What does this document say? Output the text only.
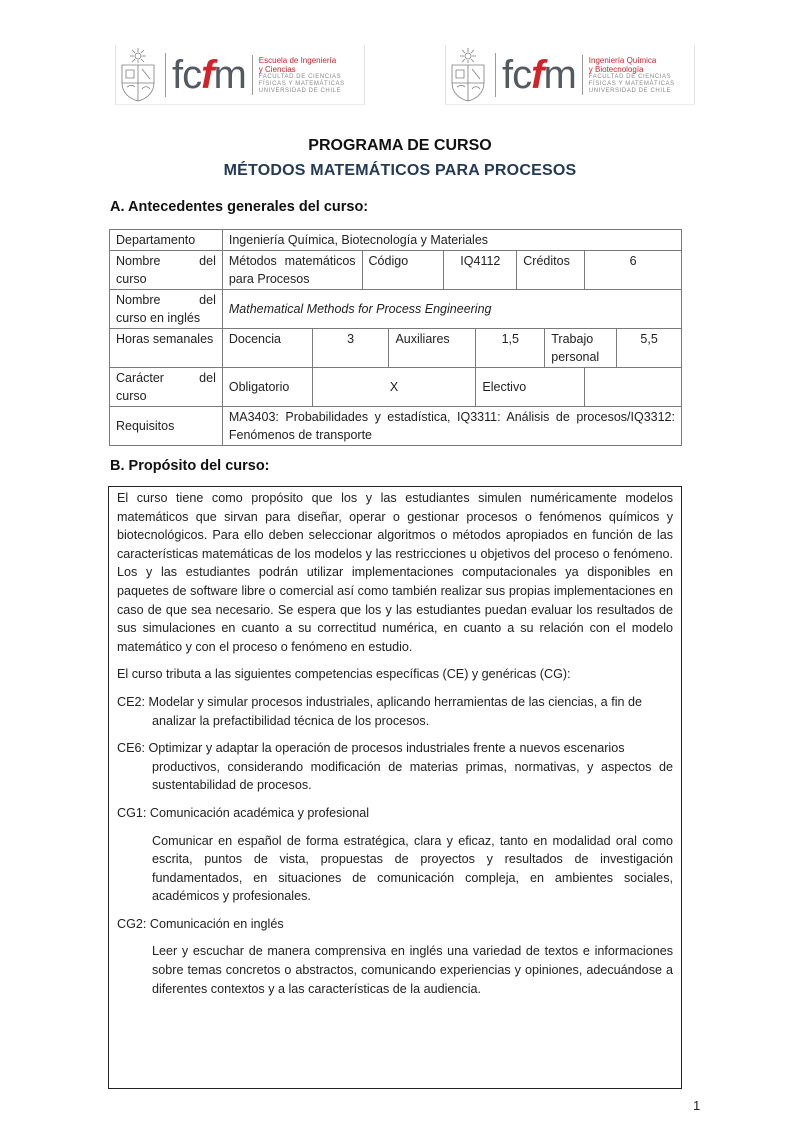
fc f m Escuela de Ingeniería
y Ciencias
FACULTAD DE CIENCIAS
FÍSICAS Y MATEMÁTICAS
UNIVERSIDAD DE CHILE	fc f m Ingeniería Química
y Biotecnología
FACULTAD DE CIENCIAS
FÍSICAS Y MATEMÁTICAS
UNIVERSIDAD DE CHILE
PROGRAMA DE CURSO
MÉTODOS MATEMÁTICOS PARA PROCESOS
A. Antecedentes generales del curso:
Departamento	Ingeniería Química, Biotecnología y Materiales									

Nombre del
curso	Métodos matemáticos para Procesos		Código		IQ4112		Créditos		6	

Nombre del
curso en inglés	Mathematical Methods for Process Engineering									
Horas semanales	Docencia	3		Auxiliares		1,5		Trabajo personal		5,5

Carácter del
curso	Obligatorio	X				Electivo				
Requisitos	MA3403: Probabilidades y estadística, IQ3311: Análisis de procesos/IQ3312: Fenómenos de transporte									
B. Propósito del curso:

El curso tiene como propósito que los y las estudiantes simulen numéricamente modelos matemáticos que sirvan para diseñar, operar o gestionar procesos o fenómenos químicos y biotecnológicos. Para ello deben seleccionar algoritmos o métodos apropiados en función de las características matemáticas de los modelos y las restricciones u objetivos del proceso o fenómeno. Los y las estudiantes podrán utilizar implementaciones computacionales ya disponibles en paquetes de software libre o comercial así como también realizar sus propias implementaciones en caso de que sea necesario. Se espera que los y las estudiantes puedan evaluar los resultados de sus simulaciones en cuanto a su correctitud numérica, en cuanto a su relación con el modelo matemático y con el proceso o fenómeno en estudio.

El curso tributa a las siguientes competencias específicas (CE) y genéricas (CG):

CE2: Modelar y simular procesos industriales, aplicando herramientas de las ciencias, a fin de
analizar la prefactibilidad técnica de los procesos.
CE6: Optimizar y adaptar la operación de procesos industriales frente a nuevos escenarios
productivos, considerando modificación de materias primas, normativas, y aspectos de sustentabilidad de procesos.
CG1: Comunicación académica y profesional
Comunicar en español de forma estratégica, clara y eficaz, tanto en modalidad oral como escrita, puntos de vista, propuestas de proyectos y resultados de investigación fundamentados, en situaciones de comunicación compleja, en ambientes sociales, académicos y profesionales.
CG2: Comunicación en inglés
Leer y escuchar de manera comprensiva en inglés una variedad de textos e informaciones sobre temas concretos o abstractos, comunicando experiencias y opiniones, adecuándose a diferentes contextos y a las características de la audiencia.
1
